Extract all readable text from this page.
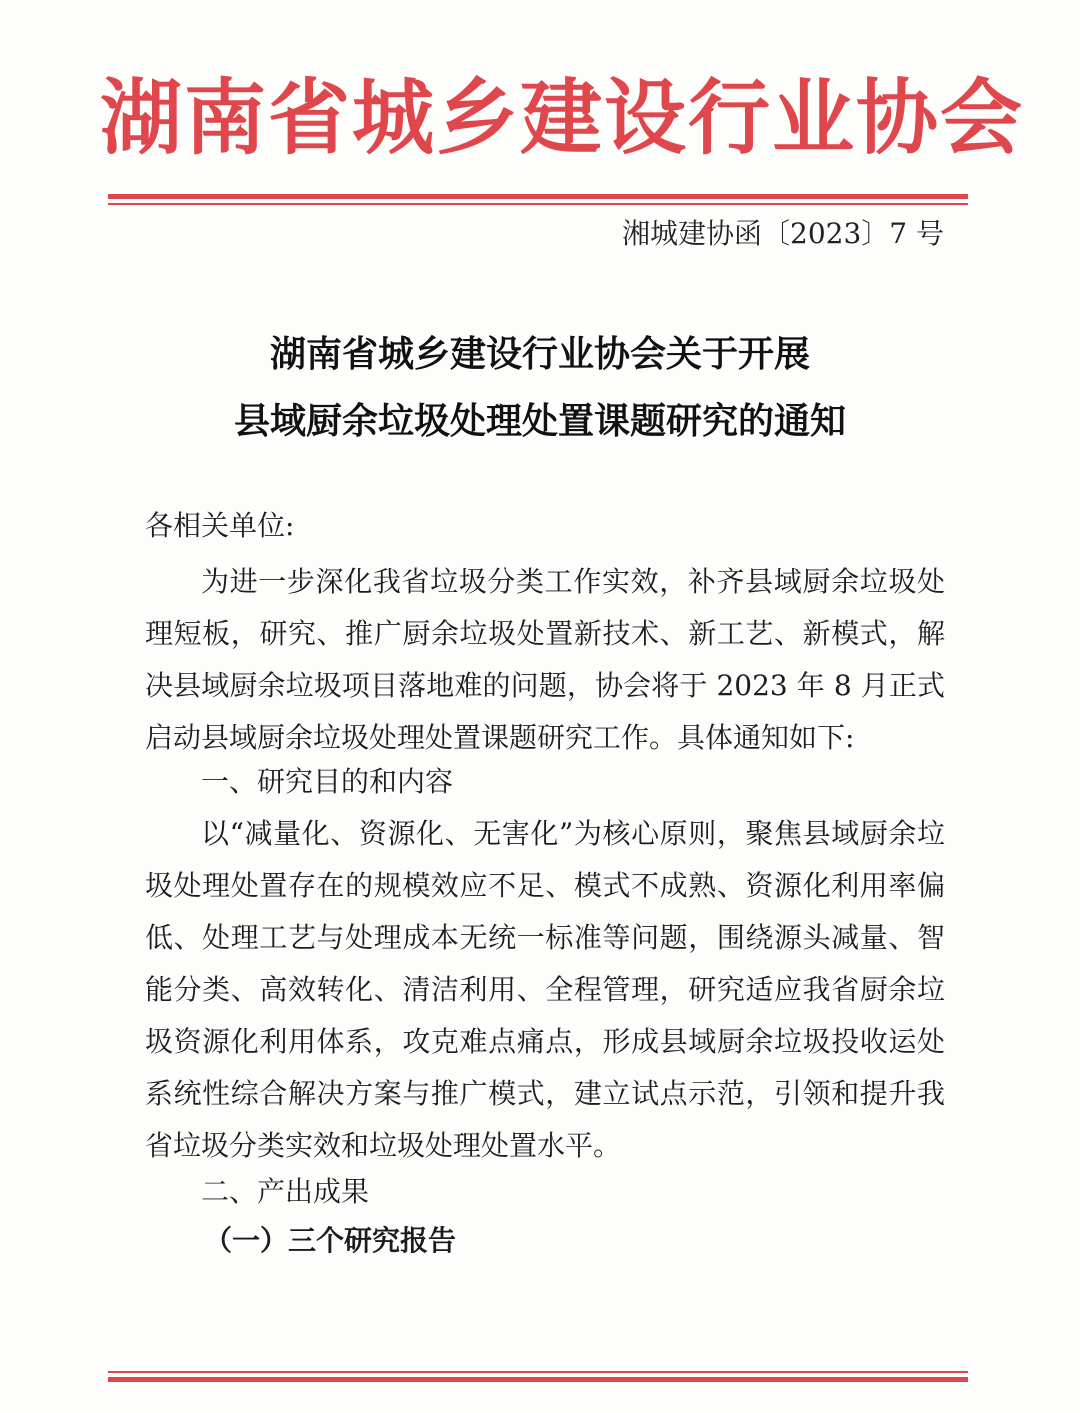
湖南省城乡建设行业协会
湘城建协函〔2023〕7 号
湖南省城乡建设行业协会关于开展
县域厨余垃圾处理处置课题研究的通知
各相关单位:

为进一步深化我省垃圾分类工作实效，补齐县域厨余垃圾处理短板，研究、推广厨余垃圾处置新技术、新工艺、新模式，解决县域厨余垃圾项目落地难的问题，协会将于 2023 年 8 月正式启动县域厨余垃圾处理处置课题研究工作。具体通知如下:

一、研究目的和内容

以“减量化、资源化、无害化”为核心原则，聚焦县域厨余垃圾处理处置存在的规模效应不足、模式不成熟、资源化利用率偏低、处理工艺与处理成本无统一标准等问题，围绕源头减量、智能分类、高效转化、清洁利用、全程管理，研究适应我省厨余垃圾资源化利用体系，攻克难点痛点，形成县域厨余垃圾投收运处系统性综合解决方案与推广模式，建立试点示范，引领和提升我省垃圾分类实效和垃圾处理处置水平。

二、产出成果
（一）三个研究报告
